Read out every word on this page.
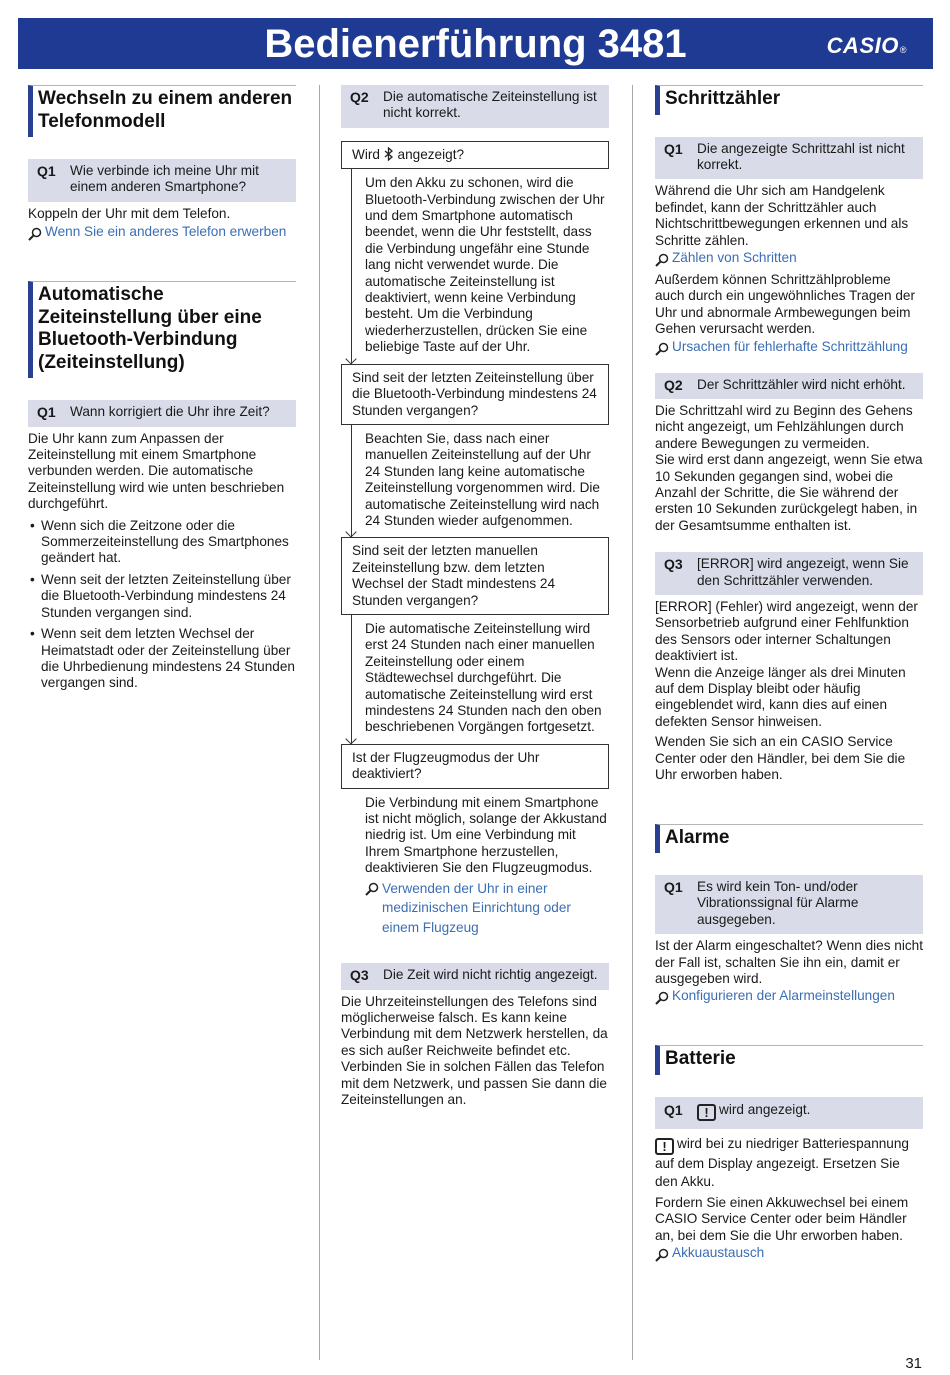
Bedienerführung 3481	CASIO®
Wechseln zu einem anderen Telefonmodell
Q1	Wie verbinde ich meine Uhr mit einem anderen Smartphone?

Koppeln der Uhr mit dem Telefon.

Wenn Sie ein anderes Telefon erwerben
Automatische Zeiteinstellung über eine Bluetooth-Verbindung (Zeiteinstellung)
Q1	Wann korrigiert die Uhr ihre Zeit?

Die Uhr kann zum Anpassen der Zeiteinstellung mit einem Smartphone verbunden werden. Die automatische Zeiteinstellung wird wie unten beschrieben durchgeführt.

• Wenn sich die Zeitzone oder die Sommerzeiteinstellung des Smartphones geändert hat.
• Wenn seit der letzten Zeiteinstellung über die Bluetooth-Verbindung mindestens 24 Stunden vergangen sind.
• Wenn seit dem letzten Wechsel der Heimatstadt oder der Zeiteinstellung über die Uhrbedienung mindestens 24 Stunden vergangen sind.
Q2	Die automatische Zeiteinstellung ist nicht korrekt.
Wird angezeigt?

Um den Akku zu schonen, wird die Bluetooth-Verbindung zwischen der Uhr und dem Smartphone automatisch beendet, wenn die Uhr feststellt, dass die Verbindung ungefähr eine Stunde lang nicht verwendet wurde. Die automatische Zeiteinstellung ist deaktiviert, wenn keine Verbindung besteht. Um die Verbindung wiederherzustellen, drücken Sie eine beliebige Taste auf der Uhr.

Sind seit der letzten Zeiteinstellung über die Bluetooth-Verbindung mindestens 24 Stunden vergangen?

Beachten Sie, dass nach einer manuellen Zeiteinstellung auf der Uhr 24 Stunden lang keine automatische Zeiteinstellung vorgenommen wird. Die automatische Zeiteinstellung wird nach 24 Stunden wieder aufgenommen.

Sind seit der letzten manuellen Zeiteinstellung bzw. dem letzten Wechsel der Stadt mindestens 24 Stunden vergangen?

Die automatische Zeiteinstellung wird erst 24 Stunden nach einer manuellen Zeiteinstellung oder einem Städtewechsel durchgeführt. Die automatische Zeiteinstellung wird erst mindestens 24 Stunden nach den oben beschriebenen Vorgängen fortgesetzt.

Ist der Flugzeugmodus der Uhr deaktiviert?

Die Verbindung mit einem Smartphone ist nicht möglich, solange der Akkustand niedrig ist. Um eine Verbindung mit Ihrem Smartphone herzustellen, deaktivieren Sie den Flugzeugmodus.

Verwenden der Uhr in einer medizinischen Einrichtung oder einem Flugzeug
Q3	Die Zeit wird nicht richtig angezeigt.

Die Uhrzeiteinstellungen des Telefons sind möglicherweise falsch. Es kann keine Verbindung mit dem Netzwerk herstellen, da es sich außer Reichweite befindet etc. Verbinden Sie in solchen Fällen das Telefon mit dem Netzwerk, und passen Sie dann die Zeiteinstellungen an.

Schrittzähler
Q1	Die angezeigte Schrittzahl ist nicht korrekt.

Während die Uhr sich am Handgelenk befindet, kann der Schrittzähler auch Nichtschrittbewegungen erkennen und als Schritte zählen.

Zählen von Schritten

Außerdem können Schrittzählprobleme auch durch ein ungewöhnliches Tragen der Uhr und abnormale Armbewegungen beim Gehen verursacht werden.

Ursachen für fehlerhafte Schrittzählung
Q2	Der Schrittzähler wird nicht erhöht.

Die Schrittzahl wird zu Beginn des Gehens nicht angezeigt, um Fehlzählungen durch andere Bewegungen zu vermeiden.

Sie wird erst dann angezeigt, wenn Sie etwa 10 Sekunden gegangen sind, wobei die Anzahl der Schritte, die Sie während der ersten 10 Sekunden zurückgelegt haben, in der Gesamtsumme enthalten ist.

Q3	[ERROR] wird angezeigt, wenn Sie den Schrittzähler verwenden.

[ERROR] (Fehler) wird angezeigt, wenn der Sensorbetrieb aufgrund einer Fehlfunktion des Sensors oder interner Schaltungen deaktiviert ist.

Wenn die Anzeige länger als drei Minuten auf dem Display bleibt oder häufig eingeblendet wird, kann dies auf einen defekten Sensor hinweisen.

Wenden Sie sich an ein CASIO Service Center oder den Händler, bei dem Sie die Uhr erworben haben.

Alarme
Q1	Es wird kein Ton- und/oder Vibrationssignal für Alarme ausgegeben.

Ist der Alarm eingeschaltet? Wenn dies nicht der Fall ist, schalten Sie ihn ein, damit er ausgegeben wird.

Konfigurieren der Alarmeinstellungen
Batterie
Q1	! wird angezeigt.

! wird bei zu niedriger Batteriespannung auf dem Display angezeigt. Ersetzen Sie den Akku.

Fordern Sie einen Akkuwechsel bei einem CASIO Service Center oder beim Händler an, bei dem Sie die Uhr erworben haben.

Akkuaustausch
31
